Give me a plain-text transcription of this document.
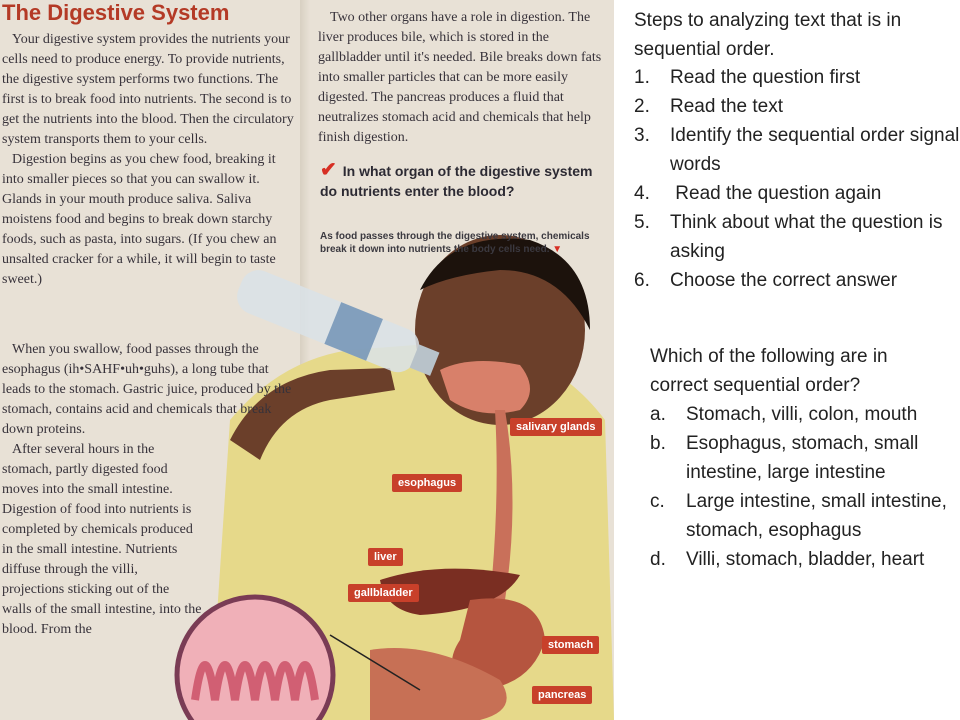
The Digestive System

Your digestive system provides the nutrients your cells need to produce energy. To provide nutrients, the digestive system performs two functions. The first is to break food into nutrients. The second is to get the nutrients into the blood. Then the circulatory system transports them to your cells.

Digestion begins as you chew food, breaking it into smaller pieces so that you can swallow it. Glands in your mouth produce saliva. Saliva moistens food and begins to break down starchy foods, such as pasta, into sugars. (If you chew an unsalted cracker for a while, it will begin to taste sweet.)

When you swallow, food passes through the esophagus (ih•SAHF•uh•guhs), a long tube that leads to the stomach. Gastric juice, produced by the stomach, contains acid and chemicals that break down proteins.

After several hours in the stomach, partly digested food moves into the small intestine. Digestion of food into nutrients is completed by chemicals produced in the small intestine. Nutrients diffuse through the villi, projections sticking out of the walls of the small intestine, into the blood. From the

Two other organs have a role in digestion. The liver produces bile, which is stored in the gallbladder until it's needed. Bile breaks down fats into smaller particles that can be more easily digested. The pancreas produces a fluid that neutralizes stomach acid and chemicals that help finish digestion.

✔ In what organ of the digestive system do nutrients enter the blood?
As food passes through the digestive system, chemicals break it down into nutrients the body cells need. ▼
salivary glands
esophagus
liver
gallbladder
stomach
pancreas
Steps to analyzing text that is in sequential order.
1. Read the question first
2. Read the text
3. Identify the sequential order signal words
4. Read the question again
5. Think about what the question is asking
6. Choose the correct answer
Which of the following are in correct sequential order?
a. Stomach, villi, colon, mouth
b. Esophagus, stomach, small intestine, large intestine
c. Large intestine, small intestine, stomach, esophagus
d. Villi, stomach, bladder, heart
